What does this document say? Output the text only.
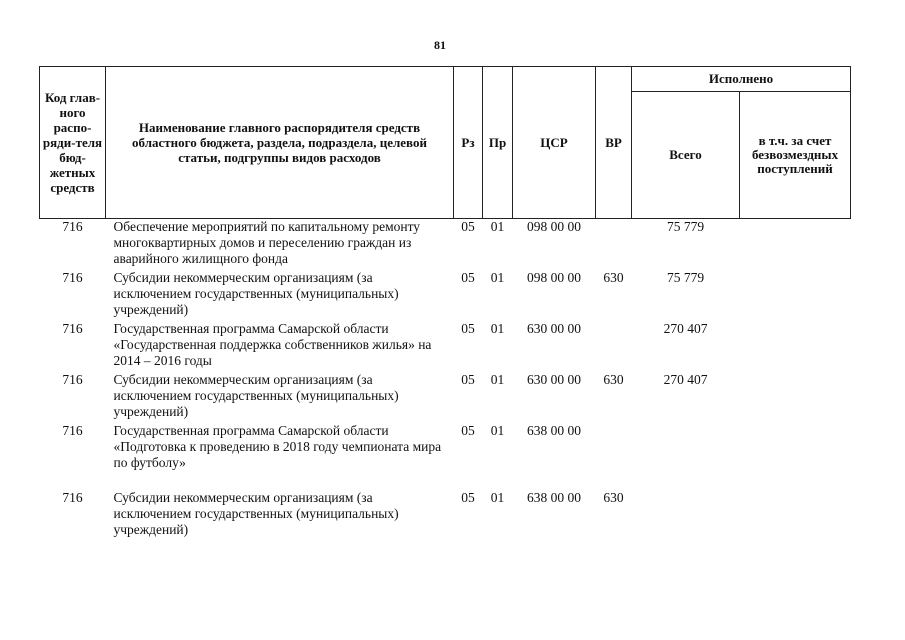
81
Код глав-ного распо-ряди-теля бюд-жетных средств	Наименование главного распорядителя средств областного бюджета, раздела, подраздела, целевой статьи, подгруппы видов расходов	Рз	Пр	ЦСР	ВР	Исполнено	
						Всего	в т.ч. за счет безвозмездных поступлений
716	Обеспечение мероприятий по капитальному ремонту многоквартирных домов и переселению граждан из аварийного жилищного фонда	05	01	098 00 00		75 779	
716	Субсидии некоммерческим организациям (за исключением государственных (муниципальных) учреждений)	05	01	098 00 00	630	75 779	
716	Государственная программа Самарской области «Государственная поддержка собственников жилья» на 2014 – 2016 годы	05	01	630 00 00		270 407	
716	Субсидии некоммерческим организациям (за исключением государственных (муниципальных) учреждений)	05	01	630 00 00	630	270 407	
716	Государственная программа Самарской области «Подготовка к проведению в 2018 году чемпионата мира по футболу»	05	01	638 00 00			
716	Субсидии некоммерческим организациям (за исключением государственных (муниципальных) учреждений)	05	01	638 00 00	630		
